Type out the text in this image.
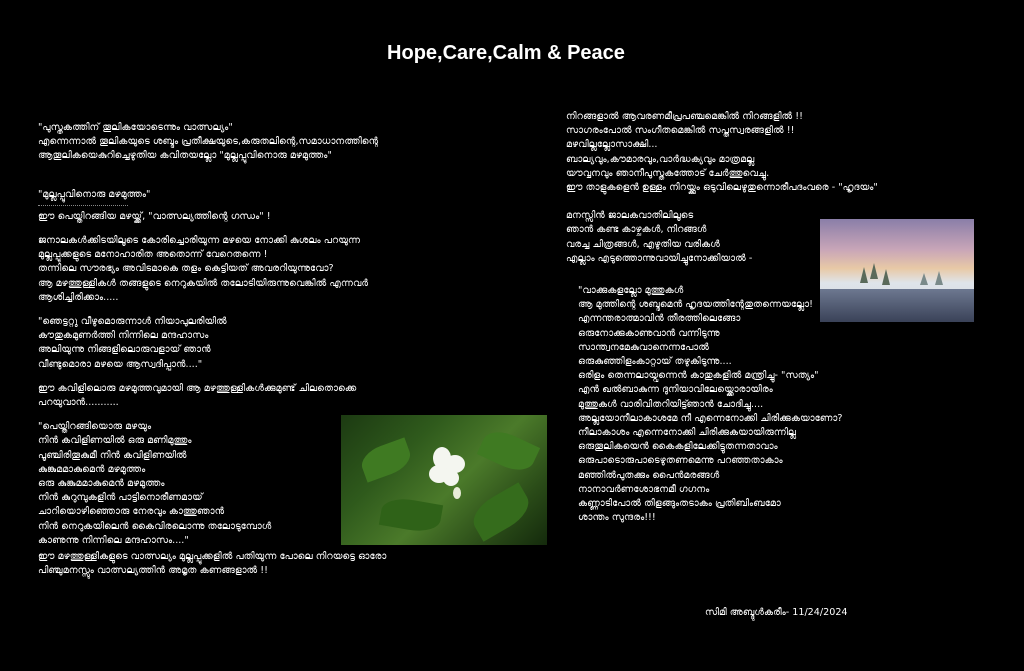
Hope,Care,Calm & Peace
"പുസ്തകത്തിന് തൂലികയോടെന്നും വാത്സല്യം"
എന്നെന്നാൽ തൂലികയുടെ ശബ്ദം പ്രതീക്ഷയുടെ,കരുതലിന്റെ,സമാധാനത്തിന്റെ
ആതൂലികയെകുറിച്ചെഴുതിയ കവിതയല്ലോ "മുല്ലപ്പൂവിനൊരു മഴമുത്തം"
"മുല്ലപ്പൂവിനൊരു മഴമുത്തം"
ഈ പെയ്തിറങ്ങിയ മഴയ്ക്ക്, "വാത്സല്യത്തിന്റെ ഗന്ധം" !
ജനാലകൾക്കിടയിലൂടെ കോരിച്ചൊരിയുന്ന മഴയെ നോക്കി കുശലം പറയുന്ന
മുല്ലപ്പൂക്കളുടെ മനോഹാരിത അതൊന്ന് വേറെതന്നെ !
തന്നിലെ സൗരഭ്യം അവിടമാകെ തളം കെട്ടിയത് അവരറിയുന്നുവോ?
ആ മഴത്തുള്ളികൾ തങ്ങളുടെ നെറുകയിൽ തലോടിയിരുന്നുവെങ്കിൽ എന്നവർ
ആശിച്ചിരിക്കാം.....
"ഞെട്ടറ്റു വീഴുമൊരുന്നാൾ നിയാപുലരിയിൽ
കൗതുകമുണർത്തി നിന്നിലെ മന്ദഹാസം
അലിയുന്നു നിങ്ങളിലൊരുവളായ് ഞാൻ
വീണ്ടുമൊരാ മഴയെ ആസ്വദിപ്പാൻ...."
ഈ കവിളിലൊരു മഴമുത്തവുമായി ആ മഴത്തുള്ളികൾക്കുമുണ്ട് ചിലതൊക്കെ
പറയുവാൻ...........
"പെയ്തിറങ്ങിയൊരു മഴയും
നിൻ കവിളിണയിൽ ഒരു മണിമുത്തും
പൂഞ്ചിരിതൂകുമീ നിൻ കവിളിണയിൽ
കുങ്കുമമാകുമെൻ മഴമുത്തം
ഒരു കുങ്കുമമാകുമെൻ മഴമുത്തം
നിൻ കുറുമ്പുകളിൻ പാട്ടിനൊരീണമായ്
ചാറിയൊഴിഞ്ഞൊരു നേരവും കാത്തുഞാൻ
നിൻ നെറുകയിലെൻ കൈവിരലൊന്നു തലോടുമ്പോൾ
കാണുന്നു നിന്നിലെ മന്ദഹാസം...."
ഈ മഴത്തുള്ളികളുടെ വാത്സല്യം മുല്ലപ്പൂക്കളിൽ പതിയുന്ന പോലെ നിറയട്ടെ ഓരോ
പിഞ്ചുമനസ്സും വാത്സല്യത്തിൻ അമൃത കണങ്ങളാൽ !!
നിറങ്ങളാൽ ആവരണമീപ്രപഞ്ചമെങ്കിൽ നിറങ്ങളിൽ !!
സാഗരംപോൽ സംഗീതമെങ്കിൽ സപ്തസ്വരങ്ങളിൽ !!
മഴവില്ലല്ലോസാക്ഷി...
ബാല്യവും,കൗമാരവും,വാർദ്ധക്യവും മാത്രമല്ല
യൗവ്വനവും ഞാനീപുസ്തകത്തോട് ചേർത്തുവെച്ചു.
ഈ താളുകളെൻ ഉള്ളം നിറയ്ക്കും ഒടുവിലെഴുതുന്നൊരീപദംവരെ - "ഹൃദയം"
മനസ്സിൻ ജാലകവാതിലിലൂടെ
ഞാൻ കണ്ട കാഴ്ചകൾ, നിറങ്ങൾ
വരച്ച ചിത്രങ്ങൾ, എഴുതിയ വരികൾ
എല്ലാം എടുത്തൊന്നുവായിച്ചുനോക്കിയാൽ -
"വാക്കുകളല്ലോ മുത്തുകൾ
ആ മുത്തിന്റെ ശബ്ദമെൻ ഹൃദയത്തിന്റേതുതന്നെയല്ലോ!
എന്നന്തരാത്മാവിൻ തീരത്തിലെങ്ങോ
ഒരുനോക്കുകാണുവാൻ വന്നിടുന്നു
സാന്ത്വനമേകുവാനെന്നപോൽ
ഒരുകുഞ്ഞിളംകാറ്റായ് തഴുകിടുന്നു....
ഒരിളം തെന്നലായ്വന്നെൻ കാതുകളിൽ മന്ത്രിച്ചു- "സത്യം"
എൻ ഖൽബാകുന്ന ദുനിയാവിലേയ്ക്കൊരായിരം
മുത്തുകൾ വാരിവിതറിയിട്ട്ഞാൻ ചോദിച്ചു....
അല്ലയോനീലാകാശമേ നീ എന്നെനോക്കി ചിരിക്കുകയാണോ?
നീലാകാശം എന്നെനോക്കി ചിരിക്കുകയായിരുന്നില്ല
ഒരുതൂലികയെൻ കൈകളിലേക്കിട്ടുതന്നതാവാം
ഒരുപാടൊരുപാടെഴുതണമെന്നു പറഞ്ഞതാകാം
മഞ്ഞിൽപുതക്കും പൈൻമരങ്ങൾ
നാനാവർണശോഭനമീ ഗഗനം
കണ്ണാടിപോൽ തിളങ്ങുംതടാകം പ്രതിബിംബമോ
ശാന്തം സുന്ദരം!!!
സിമി അബ്ദുൾകരീം- 11/24/2024
